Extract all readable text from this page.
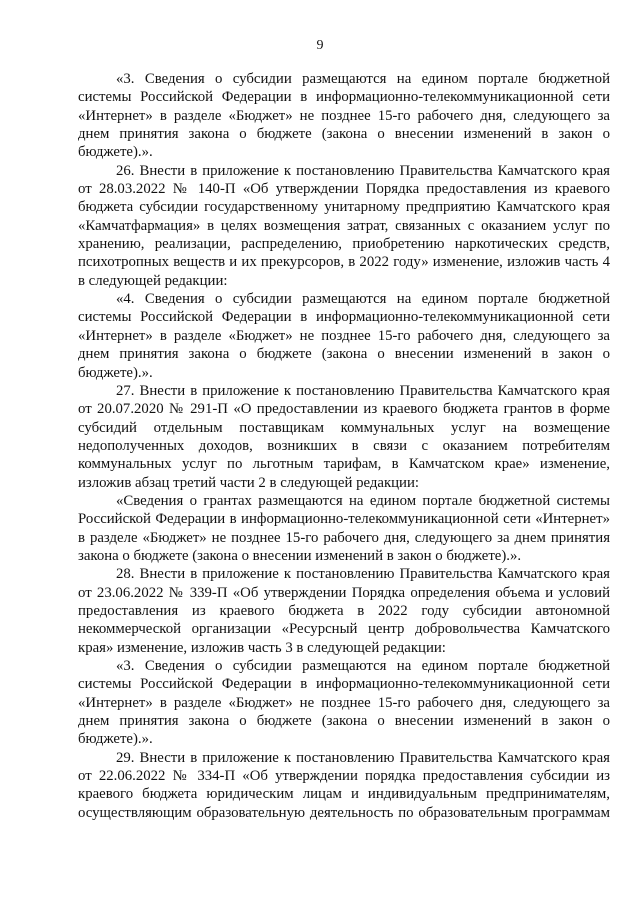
9

«3. Сведения о субсидии размещаются на едином портале бюджетной системы Российской Федерации в информационно-телекоммуникационной сети «Интернет» в разделе «Бюджет» не позднее 15-го рабочего дня, следующего за днем принятия закона о бюджете (закона о внесении изменений в закон о бюджете).».

26. Внести в приложение к постановлению Правительства Камчатского края от 28.03.2022 № 140-П «Об утверждении Порядка предоставления из краевого бюджета субсидии государственному унитарному предприятию Камчатского края «Камчатфармация» в целях возмещения затрат, связанных с оказанием услуг по хранению, реализации, распределению, приобретению наркотических средств, психотропных веществ и их прекурсоров, в 2022 году» изменение, изложив часть 4 в следующей редакции:

«4. Сведения о субсидии размещаются на едином портале бюджетной системы Российской Федерации в информационно-телекоммуникационной сети «Интернет» в разделе «Бюджет» не позднее 15-го рабочего дня, следующего за днем принятия закона о бюджете (закона о внесении изменений в закон о бюджете).».

27. Внести в приложение к постановлению Правительства Камчатского края от 20.07.2020 № 291-П «О предоставлении из краевого бюджета грантов в форме субсидий отдельным поставщикам коммунальных услуг на возмещение недополученных доходов, возникших в связи с оказанием потребителям коммунальных услуг по льготным тарифам, в Камчатском крае» изменение, изложив абзац третий части 2 в следующей редакции:

«Сведения о грантах размещаются на едином портале бюджетной системы Российской Федерации в информационно-телекоммуникационной сети «Интернет» в разделе «Бюджет» не позднее 15-го рабочего дня, следующего за днем принятия закона о бюджете (закона о внесении изменений в закон о бюджете).».

28. Внести в приложение к постановлению Правительства Камчатского края от 23.06.2022 № 339-П «Об утверждении Порядка определения объема и условий предоставления из краевого бюджета в 2022 году субсидии автономной некоммерческой организации «Ресурсный центр добровольчества Камчатского края» изменение, изложив часть 3 в следующей редакции:

«3. Сведения о субсидии размещаются на едином портале бюджетной системы Российской Федерации в информационно-телекоммуникационной сети «Интернет» в разделе «Бюджет» не позднее 15-го рабочего дня, следующего за днем принятия закона о бюджете (закона о внесении изменений в закон о бюджете).».

29. Внести в приложение к постановлению Правительства Камчатского края от 22.06.2022 № 334-П «Об утверждении порядка предоставления субсидии из краевого бюджета юридическим лицам и индивидуальным предпринимателям, осуществляющим образовательную деятельность по образовательным программам
